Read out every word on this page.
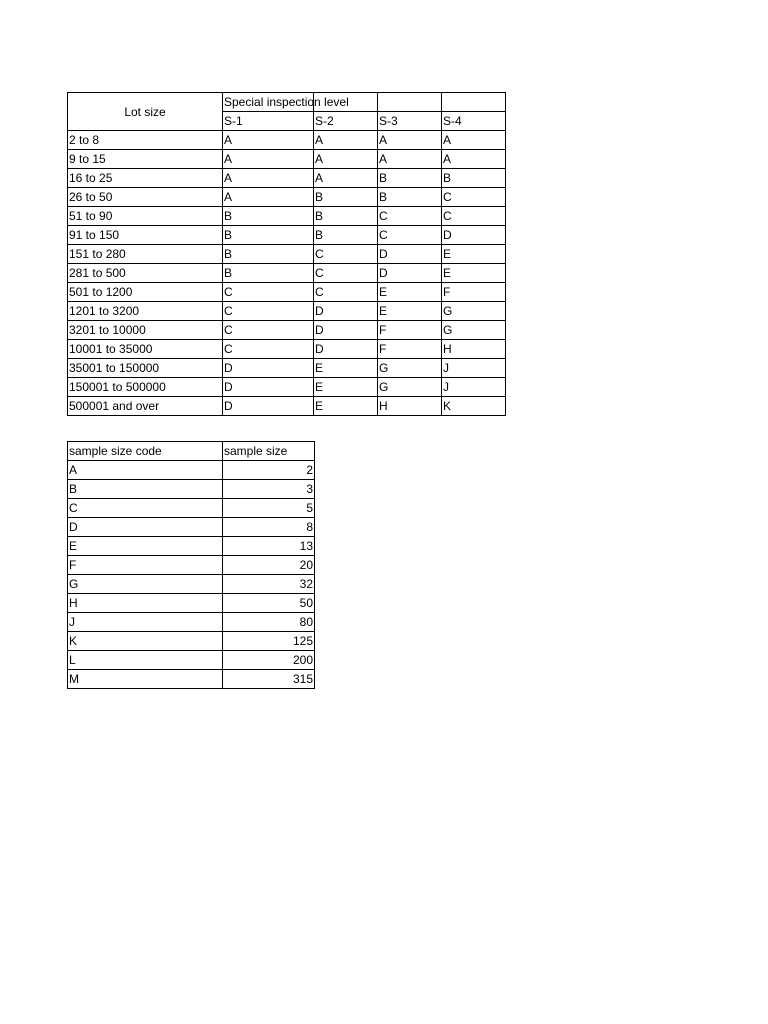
Lot size	Special inspection level			
	S-1	S-2	S-3	S-4
2 to 8	A	A	A	A
9 to 15	A	A	A	A
16 to 25	A	A	B	B
26 to 50	A	B	B	C
51 to 90	B	B	C	C
91 to 150	B	B	C	D
151 to 280	B	C	D	E
281 to 500	B	C	D	E
501 to 1200	C	C	E	F
1201 to 3200	C	D	E	G
3201 to 10000	C	D	F	G
10001 to 35000	C	D	F	H
35001 to 150000	D	E	G	J
150001 to 500000	D	E	G	J
500001 and over	D	E	H	K
sample size code	sample size
A	2
B	3
C	5
D	8
E	13
F	20
G	32
H	50
J	80
K	125
L	200
M	315
